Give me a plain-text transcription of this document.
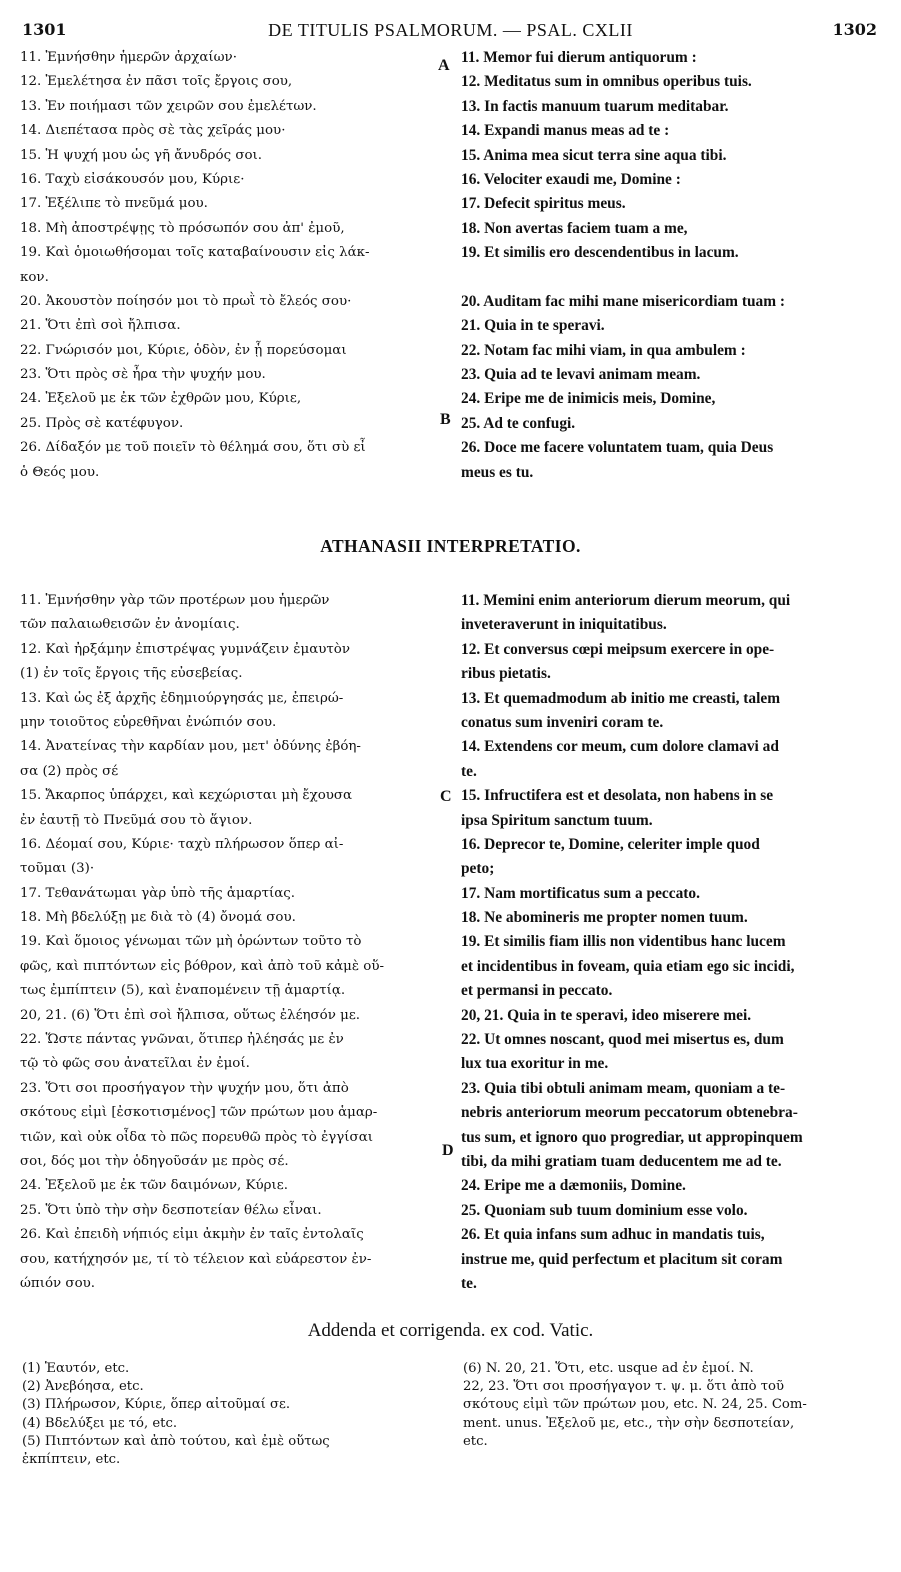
1301	DE TITULIS PSALMORUM. — PSAL. CXLII	1302
11. Ἐμνήσθην ἡμερῶν ἀρχαίων·
12. Ἐμελέτησα ἐν πᾶσι τοῖς ἔργοις σου,
13. Ἐν ποιήμασι τῶν χειρῶν σου ἐμελέτων.
14. Διεπέτασα πρὸς σὲ τὰς χεῖράς μου·
15. Ἡ ψυχή μου ὡς γῆ ἄνυδρός σοι.
16. Ταχὺ εἰσάκουσόν μου, Κύριε·
17. Ἐξέλιπε τὸ πνεῦμά μου.
18. Μὴ ἀποστρέψῃς τὸ πρόσωπόν σου ἀπ' ἐμοῦ,
19. Καὶ ὁμοιωθήσομαι τοῖς καταβαίνουσιν εἰς λάκ-
κον.
20. Ἀκουστὸν ποίησόν μοι τὸ πρωῒ τὸ ἔλεός σου·
21. Ὅτι ἐπὶ σοὶ ἤλπισα.
22. Γνώρισόν μοι, Κύριε, ὁδὸν, ἐν ᾗ πορεύσομαι
23. Ὅτι πρὸς σὲ ἦρα τὴν ψυχήν μου.
24. Ἐξελοῦ με ἐκ τῶν ἐχθρῶν μου, Κύριε,
25. Πρὸς σὲ κατέφυγον.
26. Δίδαξόν με τοῦ ποιεῖν τὸ θέλημά σου, ὅτι σὺ εἶ
ὁ Θεός μου.
11. Memor fui dierum antiquorum :
12. Meditatus sum in omnibus operibus tuis.
13. In factis manuum tuarum meditabar.
14. Expandi manus meas ad te :
15. Anima mea sicut terra sine aqua tibi.
16. Velociter exaudi me, Domine :
17. Defecit spiritus meus.
18. Non avertas faciem tuam a me,
19. Et similis ero descendentibus in lacum.
20. Auditam fac mihi mane misericordiam tuam :
21. Quia in te speravi.
22. Notam fac mihi viam, in qua ambulem :
23. Quia ad te levavi animam meam.
24. Eripe me de inimicis meis, Domine,
25. Ad te confugi.
26. Doce me facere voluntatem tuam, quia Deus
meus es tu.
A
B
ATHANASII INTERPRETATIO.
11. Ἐμνήσθην γὰρ τῶν προτέρων μου ἡμερῶν
τῶν παλαιωθεισῶν ἐν ἀνομίαις.
12. Καὶ ἠρξάμην ἐπιστρέψας γυμνάζειν ἐμαυτὸν
(1) ἐν τοῖς ἔργοις τῆς εὐσεβείας.
13. Καὶ ὡς ἐξ ἀρχῆς ἐδημιούργησάς με, ἐπειρώ-
μην τοιοῦτος εὑρεθῆναι ἐνώπιόν σου.
14. Ἀνατείνας τὴν καρδίαν μου, μετ' ὀδύνης ἐβόη-
σα (2) πρὸς σέ
15. Ἄκαρπος ὑπάρχει, καὶ κεχώρισται μὴ ἔχουσα
ἐν ἑαυτῇ τὸ Πνεῦμά σου τὸ ἅγιον.
16. Δέομαί σου, Κύριε· ταχὺ πλήρωσον ὅπερ αἰ-
τοῦμαι (3)·
17. Τεθανάτωμαι γὰρ ὑπὸ τῆς ἁμαρτίας.
18. Μὴ βδελύξῃ με διὰ τὸ (4) ὄνομά σου.
19. Καὶ ὅμοιος γένωμαι τῶν μὴ ὁρώντων τοῦτο τὸ
φῶς, καὶ πιπτόντων εἰς βόθρον, καὶ ἀπὸ τοῦ κἀμὲ οὕ-
τως ἐμπίπτειν (5), καὶ ἐναπομένειν τῇ ἁμαρτίᾳ.
20, 21. (6) Ὅτι ἐπὶ σοὶ ἤλπισα, οὕτως ἐλέησόν με.
22. Ὥστε πάντας γνῶναι, ὅτιπερ ἠλέησάς με ἐν
τῷ τὸ φῶς σου ἀνατεῖλαι ἐν ἐμοί.
23. Ὅτι σοι προσήγαγον τὴν ψυχήν μου, ὅτι ἀπὸ
σκότους εἰμὶ [ἐσκοτισμένος] τῶν πρώτων μου ἁμαρ-
τιῶν, καὶ οὐκ οἶδα τὸ πῶς πορευθῶ πρὸς τὸ ἐγγίσαι
σοι, δός μοι τὴν ὁδηγοῦσάν με πρὸς σέ.
24. Ἐξελοῦ με ἐκ τῶν δαιμόνων, Κύριε.
25. Ὅτι ὑπὸ τὴν σὴν δεσποτείαν θέλω εἶναι.
26. Καὶ ἐπειδὴ νήπιός εἰμι ἀκμὴν ἐν ταῖς ἐντολαῖς
σου, κατήχησόν με, τί τὸ τέλειον καὶ εὐάρεστον ἐν-
ώπιόν σου.
11. Memini enim anteriorum dierum meorum, qui
inveteraverunt in iniquitatibus.
12. Et conversus cœpi meipsum exercere in ope-
ribus pietatis.
13. Et quemadmodum ab initio me creasti, talem
conatus sum inveniri coram te.
14. Extendens cor meum, cum dolore clamavi ad
te.
15. Infructifera est et desolata, non habens in se
ipsa Spiritum sanctum tuum.
16. Deprecor te, Domine, celeriter imple quod
peto;
17. Nam mortificatus sum a peccato.
18. Ne abomineris me propter nomen tuum.
19. Et similis fiam illis non videntibus hanc lucem
et incidentibus in foveam, quia etiam ego sic incidi,
et permansi in peccato.
20, 21. Quia in te speravi, ideo miserere mei.
22. Ut omnes noscant, quod mei misertus es, dum
lux tua exoritur in me.
23. Quia tibi obtuli animam meam, quoniam a te-
nebris anteriorum meorum peccatorum obtenebra-
tus sum, et ignoro quo progrediar, ut appropinquem
tibi, da mihi gratiam tuam deducentem me ad te.
24. Eripe me a dæmoniis, Domine.
25. Quoniam sub tuum dominium esse volo.
26. Et quia infans sum adhuc in mandatis tuis,
instrue me, quid perfectum et placitum sit coram
te.
C
D
Addenda et corrigenda. ex cod. Vatic.
(1) Ἑαυτόν, etc.
(2) Ἀνεβόησα, etc.
(3) Πλήρωσον, Κύριε, ὅπερ αἰτοῦμαί σε.
(4) Βδελύξει με τό, etc.
(5) Πιπτόντων καὶ ἀπὸ τούτου, καὶ ἐμὲ οὕτως
ἐκπίπτειν, etc.
(6) N. 20, 21. Ὅτι, etc. usque ad ἐν ἐμοί. N.
22, 23. Ὅτι σοι προσήγαγον τ. ψ. μ. ὅτι ἀπὸ τοῦ
σκότους εἰμὶ τῶν πρώτων μου, etc. N. 24, 25. Com-
ment. unus. Ἐξελοῦ με, etc., τὴν σὴν δεσποτείαν,
etc.
